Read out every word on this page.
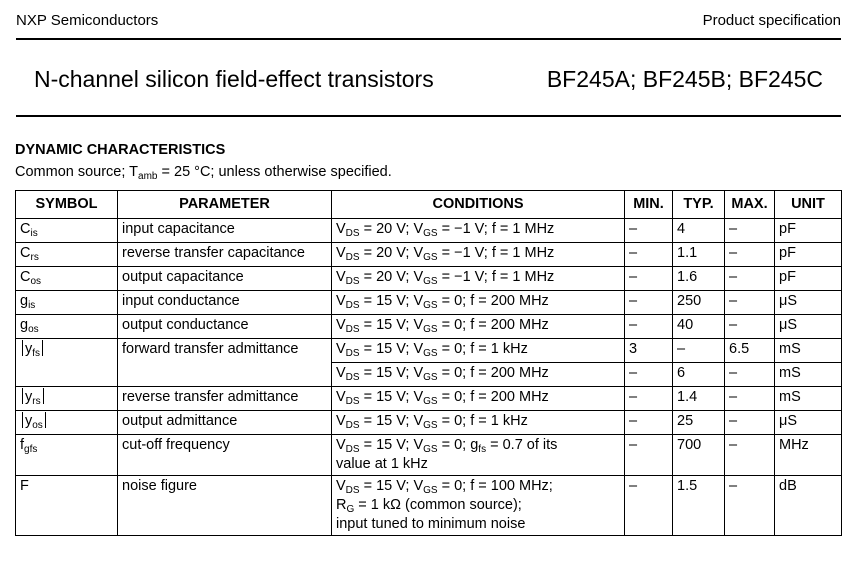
NXP Semiconductors	Product specification
N-channel silicon field-effect transistors	BF245A; BF245B; BF245C
DYNAMIC CHARACTERISTICS
Common source; $T_{amb} = 25$ °C; unless otherwise specified.
SYMBOL	PARAMETER	CONDITIONS	MIN.	TYP.	MAX.	UNIT
$C_{is}$	input capacitance	$V_{DS} = 20$ V; $V_{GS} = -1$ V; f = 1 MHz	–	4	–	pF
$C_{rs}$	reverse transfer capacitance	$V_{DS} = 20$ V; $V_{GS} = -1$ V; f = 1 MHz	–	1.1	–	pF
$C_{os}$	output capacitance	$V_{DS} = 20$ V; $V_{GS} = -1$ V; f = 1 MHz	–	1.6	–	pF
$g_{is}$	input conductance	$V_{DS} = 15$ V; $V_{GS} = 0$; f = 200 MHz	–	250	–	μS
$g_{os}$	output conductance	$V_{DS} = 15$ V; $V_{GS} = 0$; f = 200 MHz	–	40	–	μS
$y_{fs}$	forward transfer admittance	$V_{DS} = 15$ V; $V_{GS} = 0$; f = 1 kHz	3	–	6.5	mS
		$V_{DS} = 15$ V; $V_{GS} = 0$; f = 200 MHz	–	6	–	mS
$y_{rs}$	reverse transfer admittance	$V_{DS} = 15$ V; $V_{GS} = 0$; f = 200 MHz	–	1.4	–	mS
$y_{os}$	output admittance	$V_{DS} = 15$ V; $V_{GS} = 0$; f = 1 kHz	–	25	–	μS
$f_{gfs}$	cut-off frequency	$V_{DS} = 15$ V; $V_{GS} = 0$; $g_{fs} = 0.7$ of its
value at 1 kHz	–	700	–	MHz
F	noise figure	$V_{DS} = 15$ V; $V_{GS} = 0$; f = 100 MHz;
$R_G = 1$ kΩ (common source);
input tuned to minimum noise	–	1.5	–	dB
